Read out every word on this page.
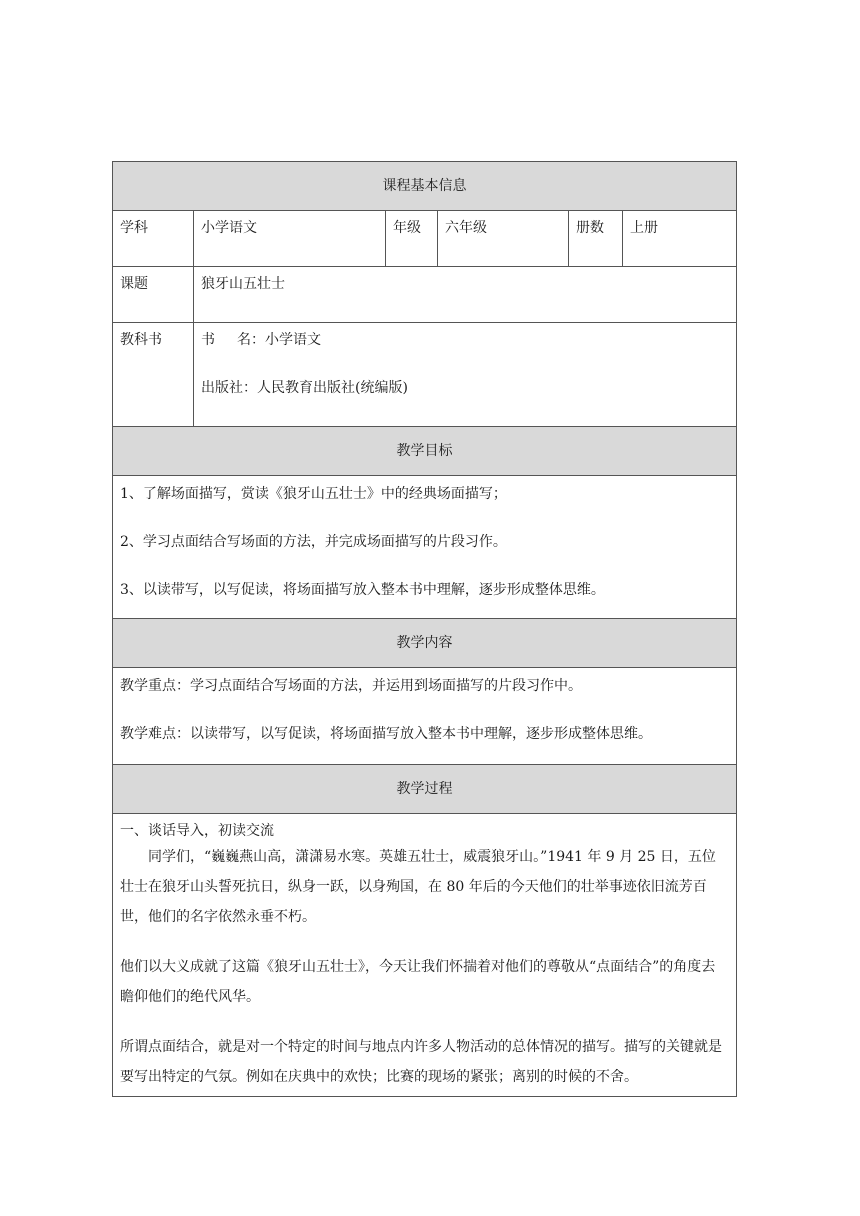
课程基本信息					
学科	小学语文	年级	六年级	册数	上册
课题	狼牙山五壮士				
教科书	书 名：小学语文
出版社：人民教育出版社(统编版)				

教学目标					

1、了解场面描写，赏读《狼牙山五壮士》中的经典场面描写；

2、学习点面结合写场面的方法，并完成场面描写的片段习作。

3、以读带写，以写促读，将场面描写放入整本书中理解，逐步形成整体思维。					

教学内容					

教学重点：学习点面结合写场面的方法，并运用到场面描写的片段习作中。

教学难点：以读带写，以写促读，将场面描写放入整本书中理解，逐步形成整体思维。					

教学过程					

一、谈话导入，初读交流

同学们，“巍巍燕山高，潇潇易水寒。英雄五壮士，威震狼牙山。”1941 年 9 月 25 日，五位壮士在狼牙山头誓死抗日，纵身一跃，以身殉国，在 80 年后的今天他们的壮举事迹依旧流芳百世，他们的名字依然永垂不朽。

他们以大义成就了这篇《狼牙山五壮士》，今天让我们怀揣着对他们的尊敬从“点面结合”的角度去瞻仰他们的绝代风华。

所谓点面结合，就是对一个特定的时间与地点内许多人物活动的总体情况的描写。描写的关键就是要写出特定的气氛。例如在庆典中的欢快；比赛的现场的紧张；离别的时候的不舍。					
